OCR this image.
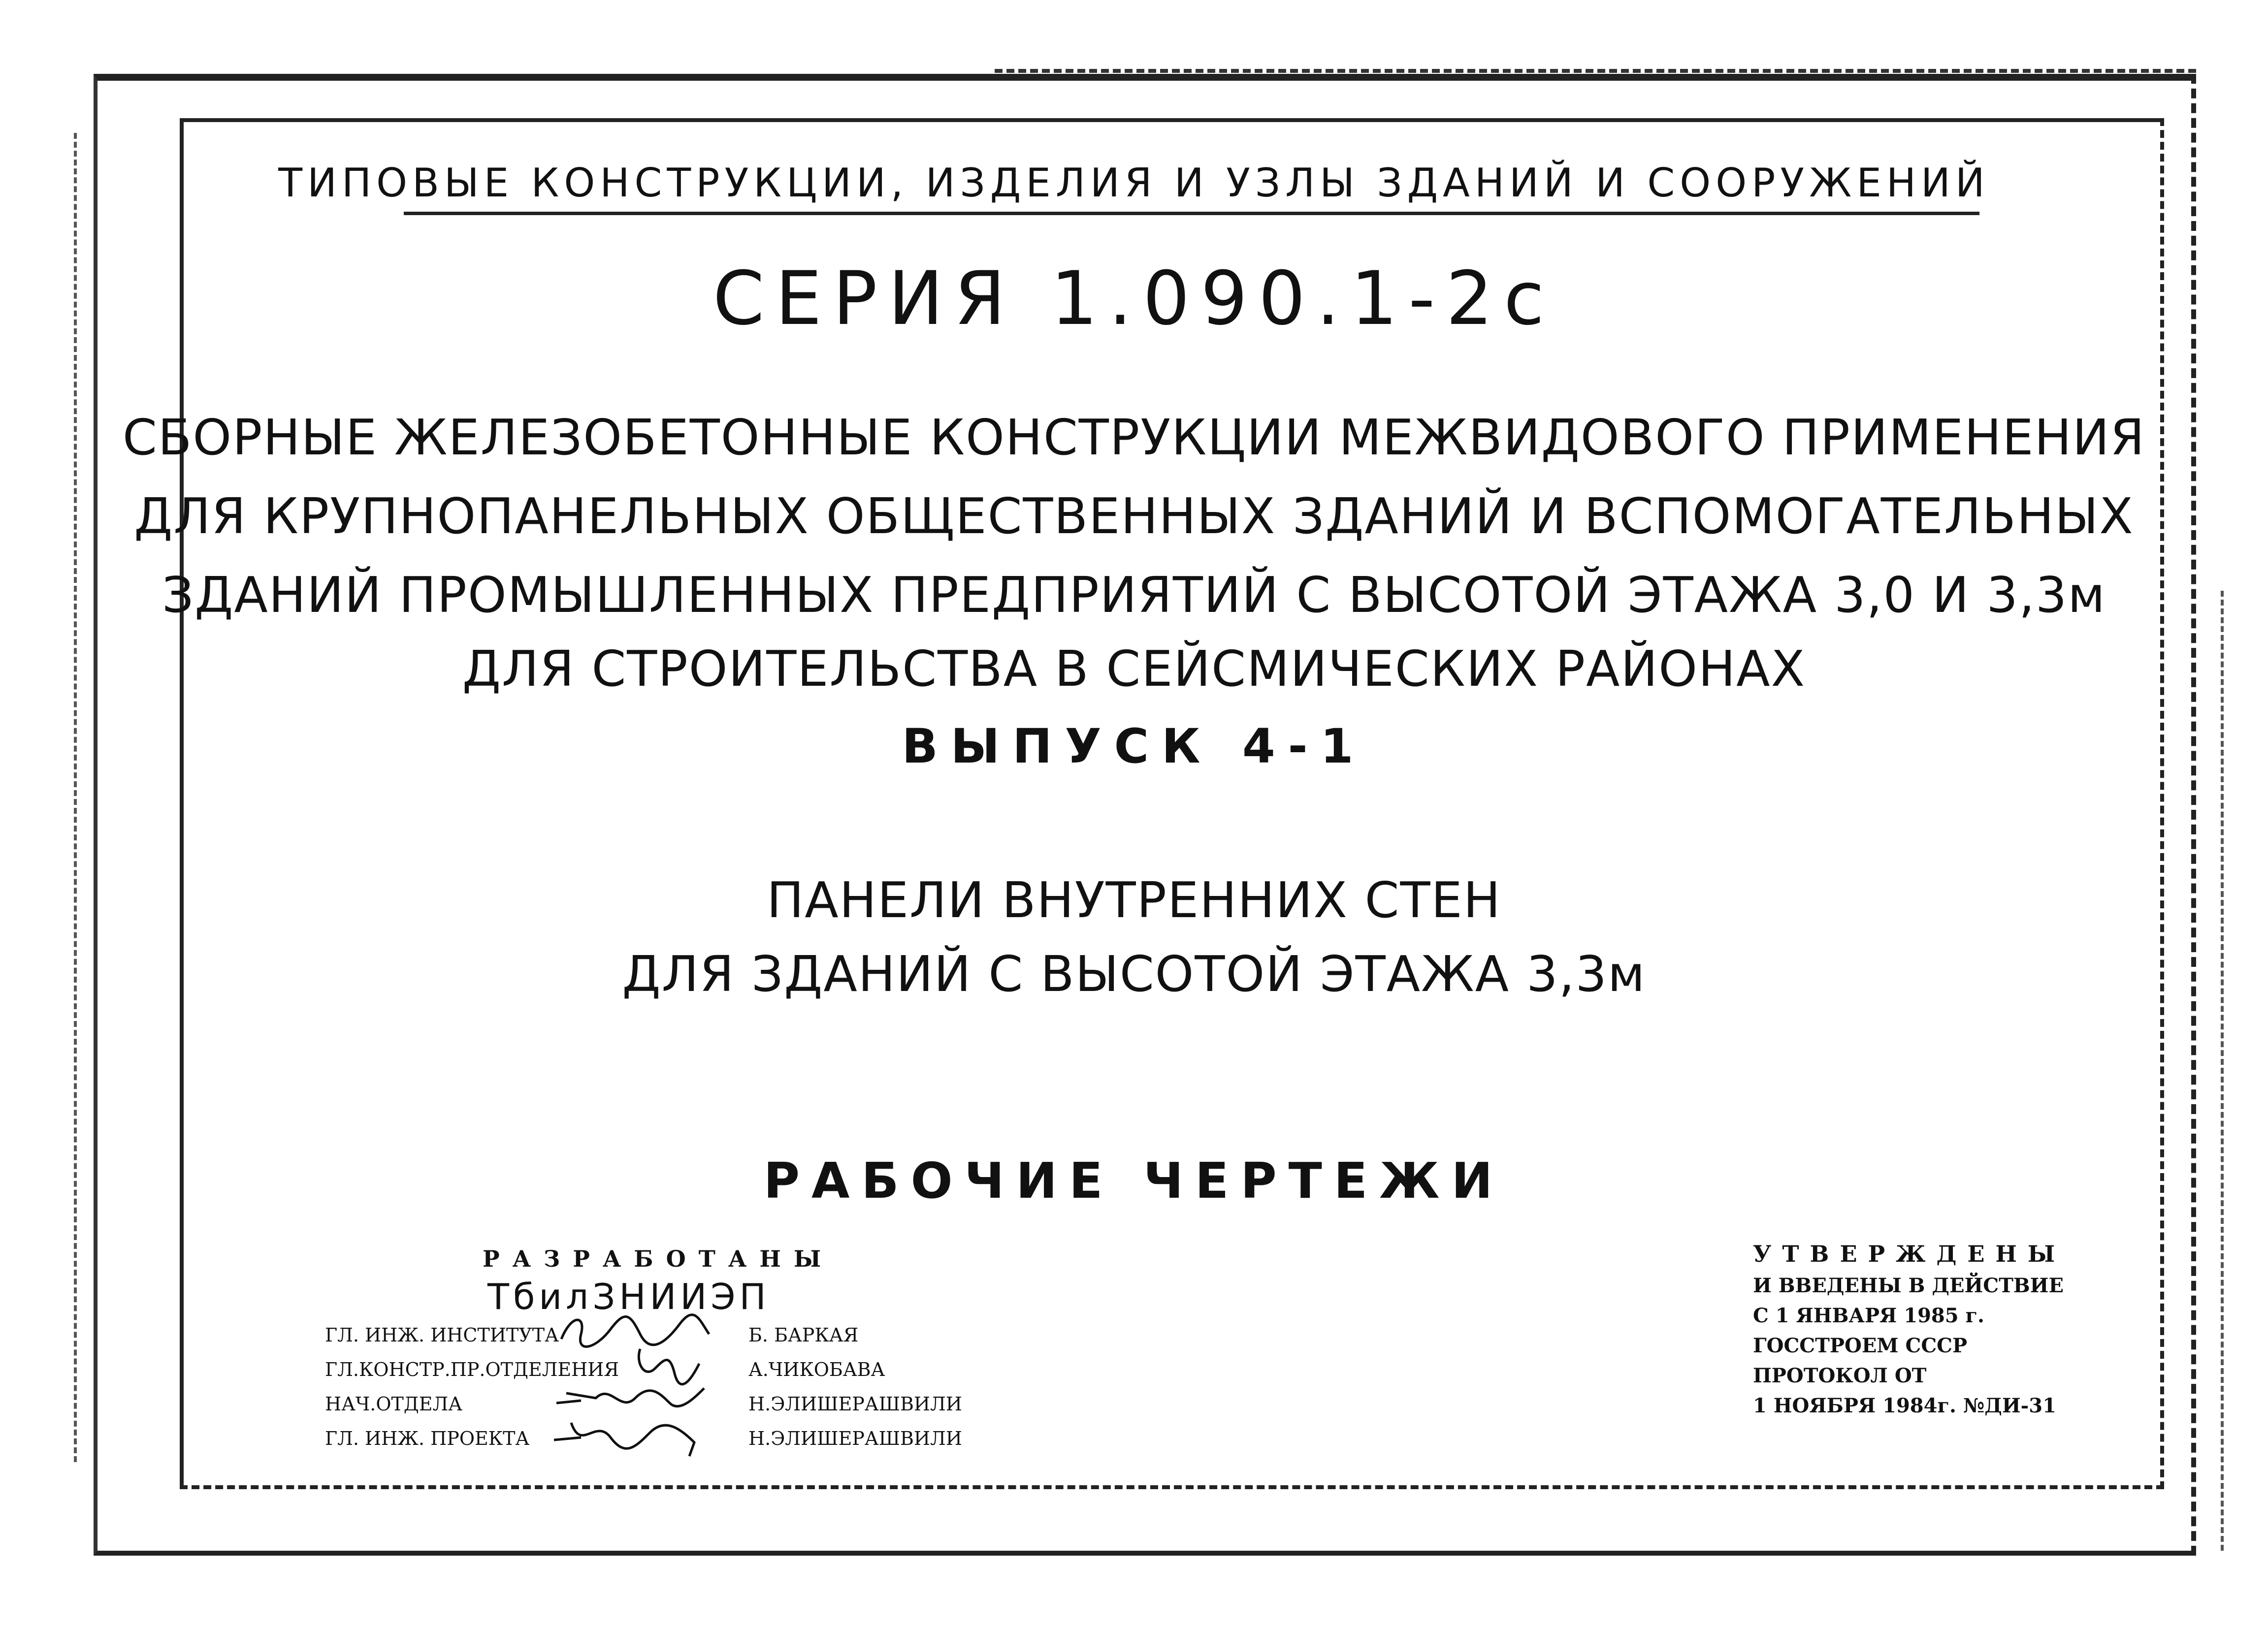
ТИПОВЫЕ КОНСТРУКЦИИ, ИЗДЕЛИЯ И УЗЛЫ ЗДАНИЙ И СООРУЖЕНИЙ
СЕРИЯ 1.090.1-2с
СБОРНЫЕ ЖЕЛЕЗОБЕТОННЫЕ КОНСТРУКЦИИ МЕЖВИДОВОГО ПРИМЕНЕНИЯ
ДЛЯ КРУПНОПАНЕЛЬНЫХ ОБЩЕСТВЕННЫХ ЗДАНИЙ И ВСПОМОГАТЕЛЬНЫХ
ЗДАНИЙ ПРОМЫШЛЕННЫХ ПРЕДПРИЯТИЙ С ВЫСОТОЙ ЭТАЖА 3,0 И 3,3м
ДЛЯ СТРОИТЕЛЬСТВА В СЕЙСМИЧЕСКИХ РАЙОНАХ
ВЫПУСК 4-1
ПАНЕЛИ ВНУТРЕННИХ СТЕН
ДЛЯ ЗДАНИЙ С ВЫСОТОЙ ЭТАЖА 3,3м
РАБОЧИЕ ЧЕРТЕЖИ
РАЗРАБОТАНЫ
ТбилЗНИИЭП
ГЛ. ИНЖ. ИНСТИТУТА	Б. БАРКАЯ
ГЛ.КОНСТР.ПР.ОТДЕЛЕНИЯ	А.ЧИКОБАВА
НАЧ.ОТДЕЛА	Н.ЭЛИШЕРАШВИЛИ
ГЛ. ИНЖ. ПРОЕКТА	Н.ЭЛИШЕРАШВИЛИ
УТВЕРЖДЕНЫ
И ВВЕДЕНЫ В ДЕЙСТВИЕ
С 1 ЯНВАРЯ 1985 г.
ГОССТРОЕМ СССР
ПРОТОКОЛ ОТ
1 НОЯБРЯ 1984г. №ДИ-31
